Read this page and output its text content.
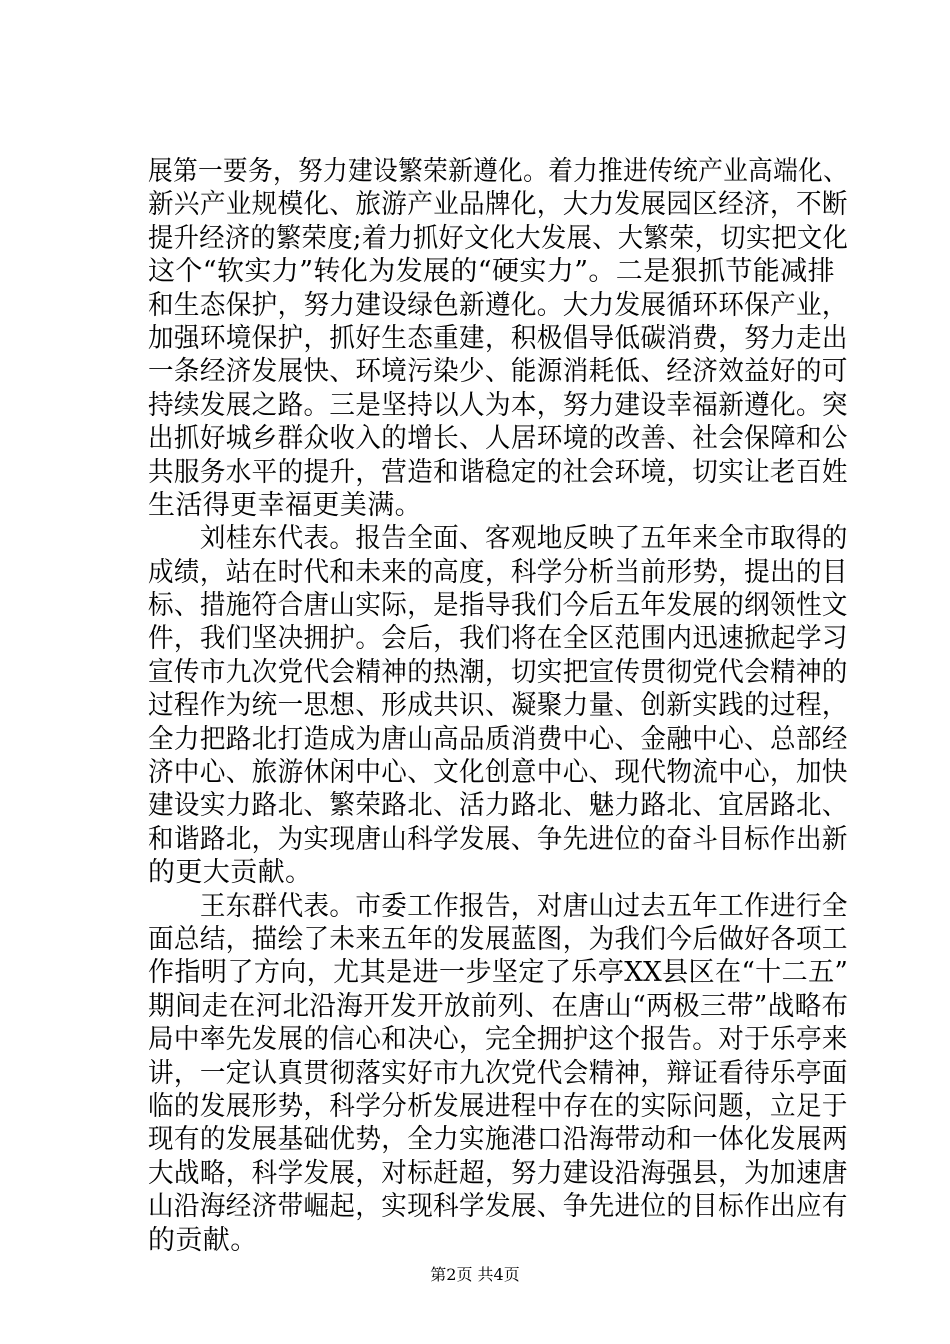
展第一要务，努力建设繁荣新遵化。着力推进传统产业高端化、
新兴产业规模化、旅游产业品牌化，大力发展园区经济，不断
提升经济的繁荣度;着力抓好文化大发展、大繁荣，切实把文化
这个“软实力”转化为发展的“硬实力”。二是狠抓节能减排
和生态保护，努力建设绿色新遵化。大力发展循环环保产业，
加强环境保护，抓好生态重建，积极倡导低碳消费，努力走出
一条经济发展快、环境污染少、能源消耗低、经济效益好的可
持续发展之路。三是坚持以人为本，努力建设幸福新遵化。突
出抓好城乡群众收入的增长、人居环境的改善、社会保障和公
共服务水平的提升，营造和谐稳定的社会环境，切实让老百姓
生活得更幸福更美满。
　　刘桂东代表。报告全面、客观地反映了五年来全市取得的
成绩，站在时代和未来的高度，科学分析当前形势，提出的目
标、措施符合唐山实际，是指导我们今后五年发展的纲领性文
件，我们坚决拥护。会后，我们将在全区范围内迅速掀起学习
宣传市九次党代会精神的热潮，切实把宣传贯彻党代会精神的
过程作为统一思想、形成共识、凝聚力量、创新实践的过程，
全力把路北打造成为唐山高品质消费中心、金融中心、总部经
济中心、旅游休闲中心、文化创意中心、现代物流中心，加快
建设实力路北、繁荣路北、活力路北、魅力路北、宜居路北、
和谐路北，为实现唐山科学发展、争先进位的奋斗目标作出新
的更大贡献。
　　王东群代表。市委工作报告，对唐山过去五年工作进行全
面总结，描绘了未来五年的发展蓝图，为我们今后做好各项工
作指明了方向，尤其是进一步坚定了乐亭XX县区在“十二五”
期间走在河北沿海开发开放前列、在唐山“两极三带”战略布
局中率先发展的信心和决心，完全拥护这个报告。对于乐亭来
讲，一定认真贯彻落实好市九次党代会精神，辩证看待乐亭面
临的发展形势，科学分析发展进程中存在的实际问题，立足于
现有的发展基础优势，全力实施港口沿海带动和一体化发展两
大战略，科学发展，对标赶超，努力建设沿海强县，为加速唐
山沿海经济带崛起，实现科学发展、争先进位的目标作出应有
的贡献。
第2页 共4页
